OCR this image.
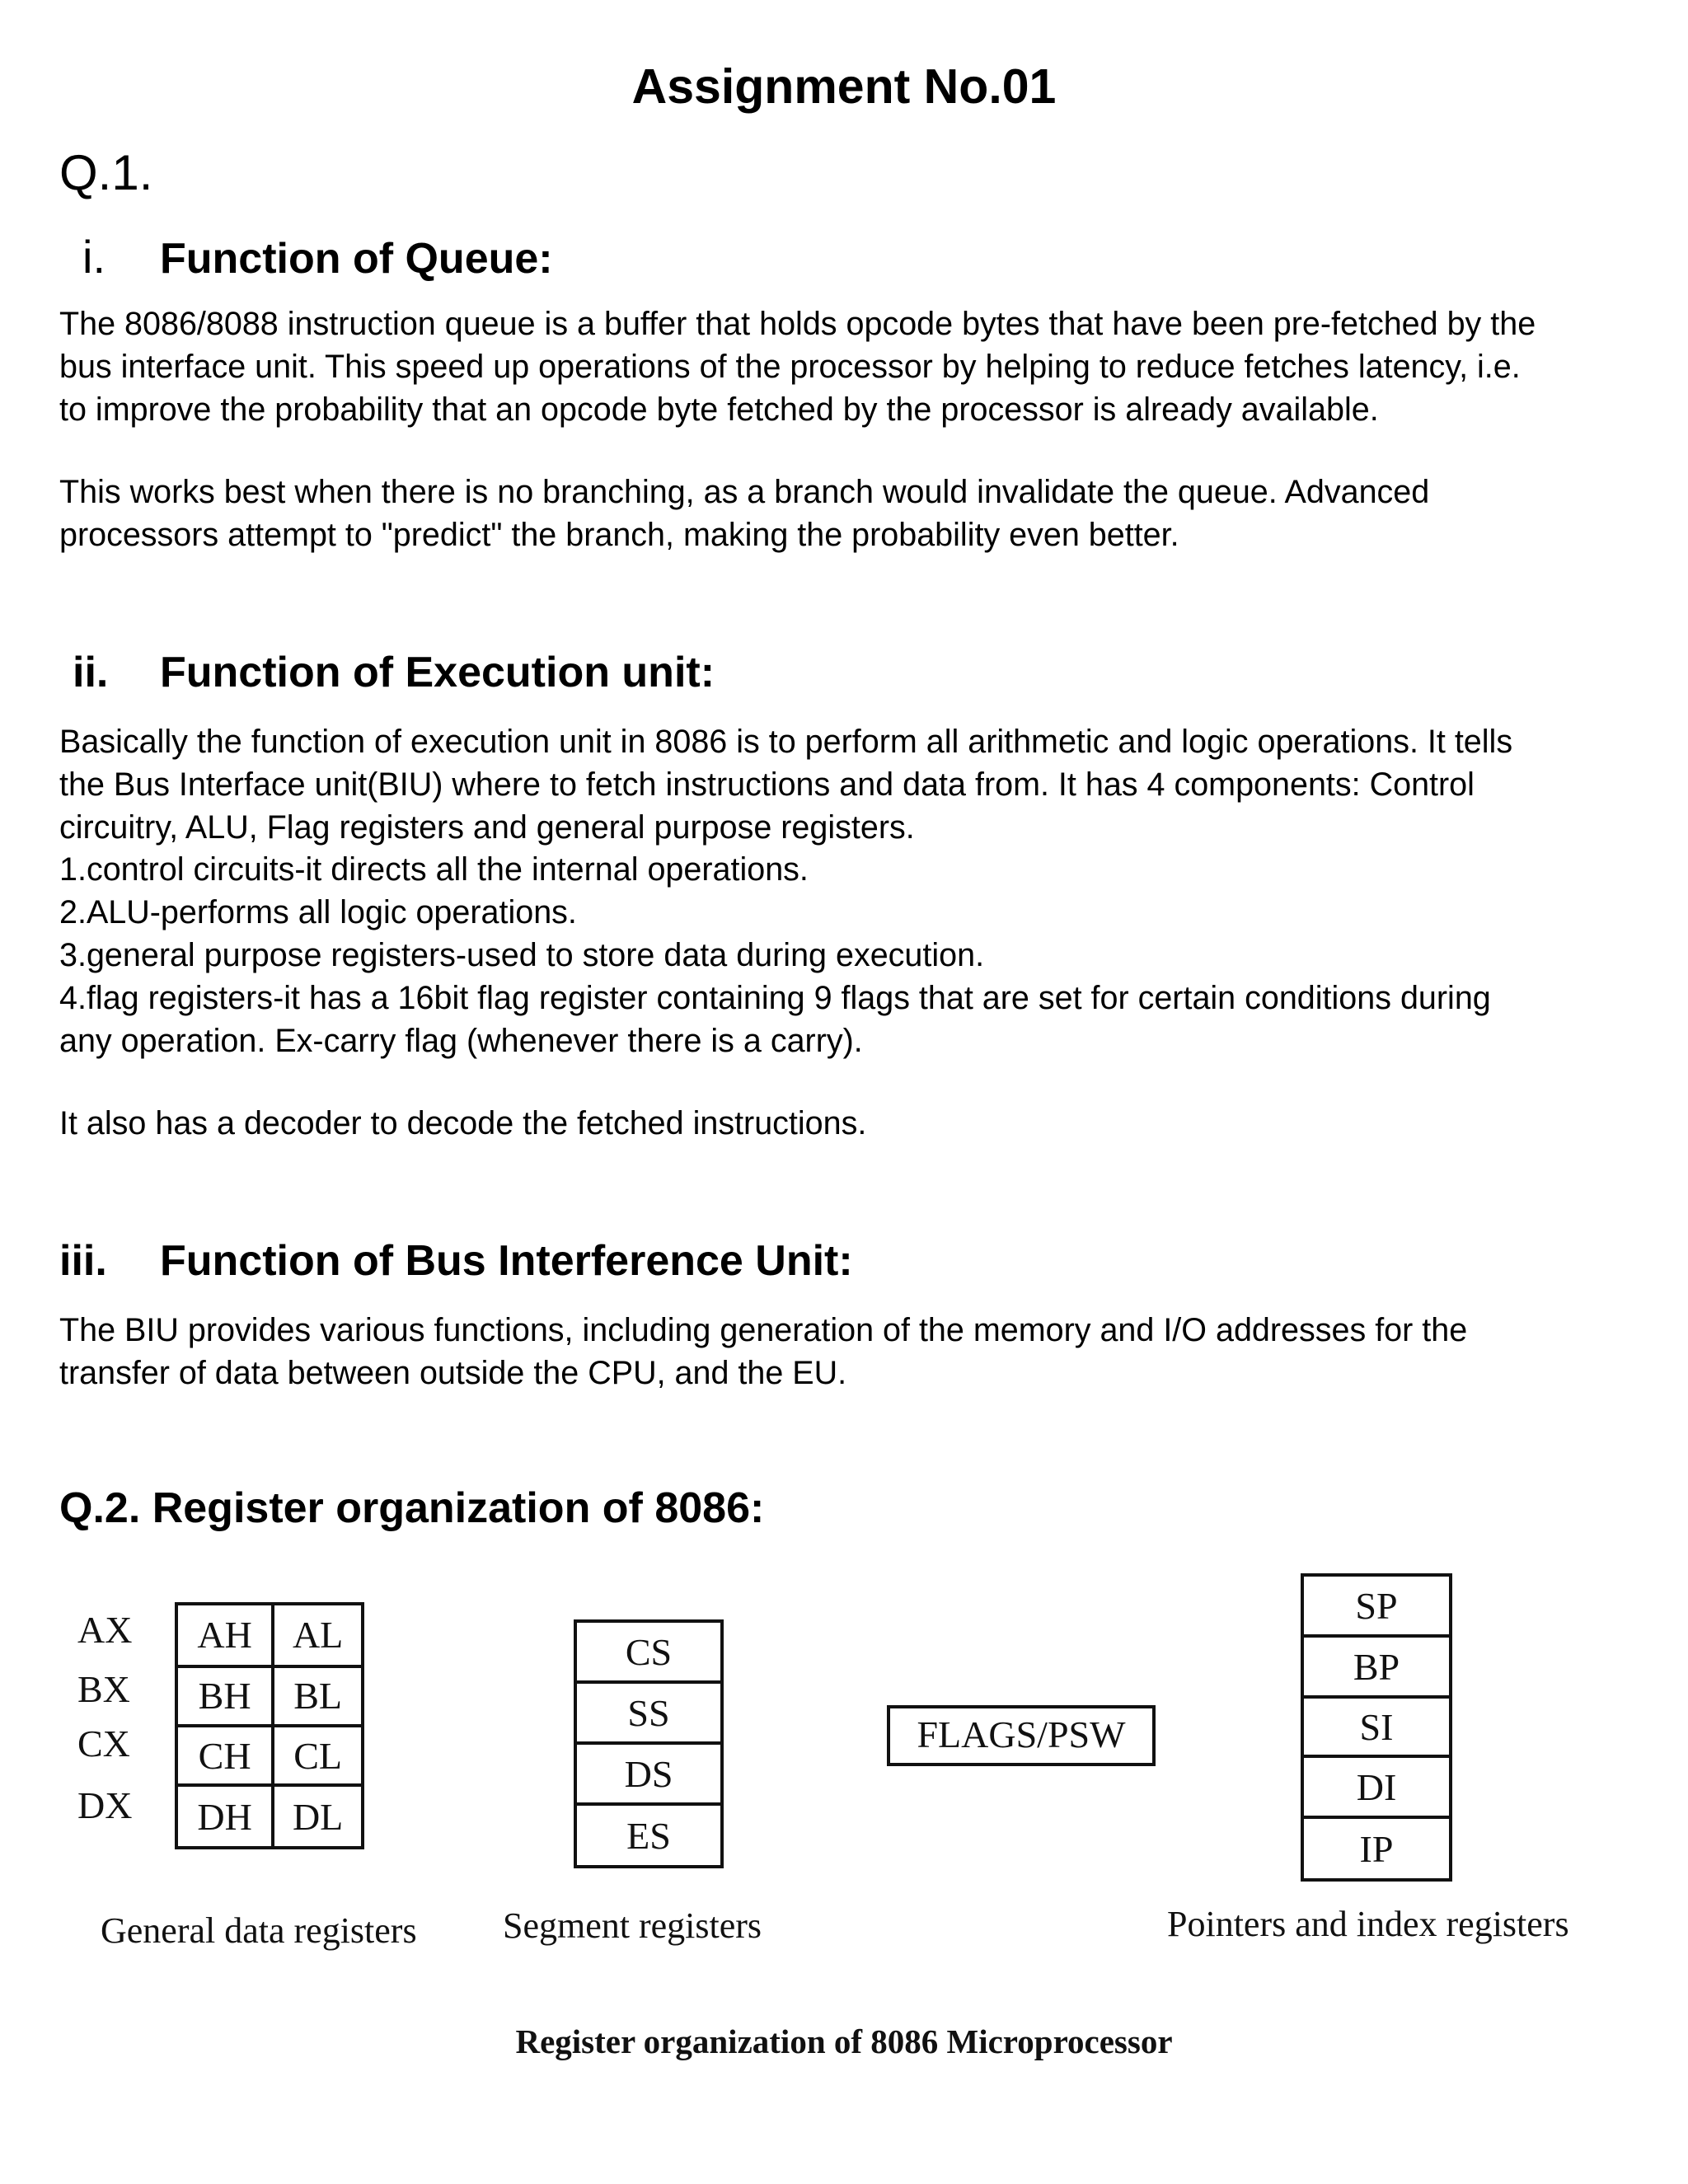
Assignment No.01
Q.1.
i. Function of Queue:

The 8086/8088 instruction queue is a buffer that holds opcode bytes that have been pre-fetched by the
bus interface unit. This speed up operations of the processor by helping to reduce fetches latency, i.e.
to improve the probability that an opcode byte fetched by the processor is already available.

This works best when there is no branching, as a branch would invalidate the queue. Advanced
processors attempt to "predict" the branch, making the probability even better.

ii. Function of Execution unit:

Basically the function of execution unit in 8086 is to perform all arithmetic and logic operations. It tells
the Bus Interface unit(BIU) where to fetch instructions and data from. It has 4 components: Control
circuitry, ALU, Flag registers and general purpose registers.
1.control circuits-it directs all the internal operations.
2.ALU-performs all logic operations.
3.general purpose registers-used to store data during execution.
4.flag registers-it has a 16bit flag register containing 9 flags that are set for certain conditions during
any operation. Ex-carry flag (whenever there is a carry).

It also has a decoder to decode the fetched instructions.

iii. Function of Bus Interference Unit:

The BIU provides various functions, including generation of the memory and I/O addresses for the
transfer of data between outside the CPU, and the EU.

Q.2. Register organization of 8086:
AX
BX
CX
DX
AH	AL
BH	BL
CH	CL
DH	DL
General data registers
CS
SS
DS
ES
Segment registers
FLAGS/PSW
SP
BP
SI
DI
IP
Pointers and index registers
Register organization of 8086 Microprocessor
